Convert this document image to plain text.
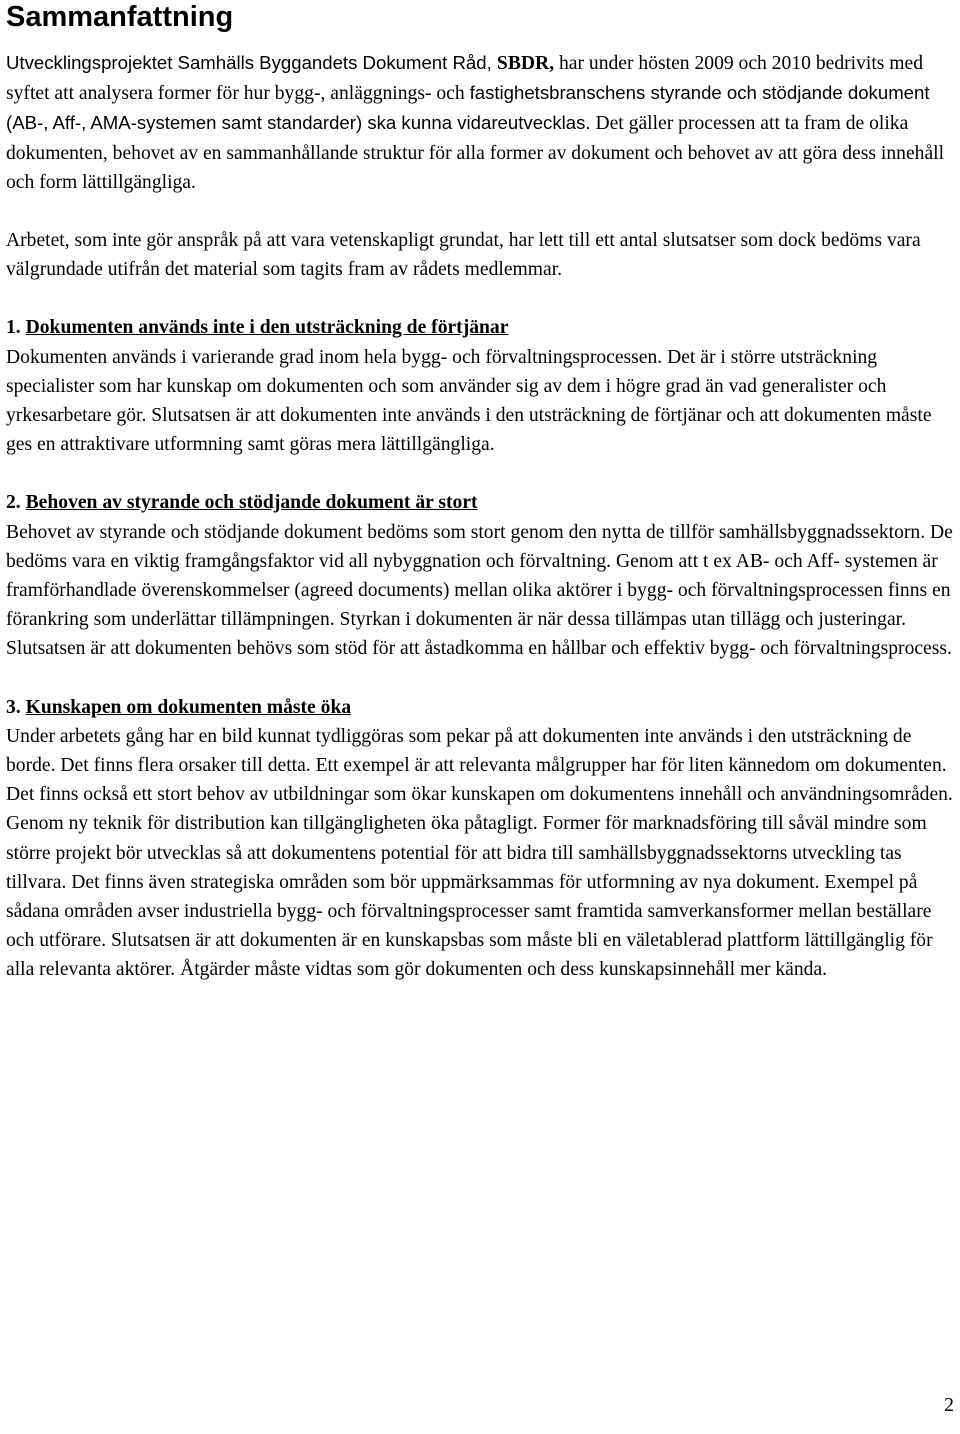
Sammanfattning

Utvecklingsprojektet Samhälls Byggandets Dokument Råd, SBDR, har under hösten 2009 och 2010 bedrivits med syftet att analysera former för hur bygg-, anläggnings- och fastighetsbranschens styrande och stödjande dokument (AB-, Aff-, AMA-systemen samt standarder) ska kunna vidareutvecklas. Det gäller processen att ta fram de olika dokumenten, behovet av en sammanhållande struktur för alla former av dokument och behovet av att göra dess innehåll och form lättillgängliga.

Arbetet, som inte gör anspråk på att vara vetenskapligt grundat, har lett till ett antal slutsatser som dock bedöms vara välgrundade utifrån det material som tagits fram av rådets medlemmar.

1. Dokumenten används inte i den utsträckning de förtjänar

Dokumenten används i varierande grad inom hela bygg- och förvaltningsprocessen. Det är i större utsträckning specialister som har kunskap om dokumenten och som använder sig av dem i högre grad än vad generalister och yrkesarbetare gör. Slutsatsen är att dokumenten inte används i den utsträckning de förtjänar och att dokumenten måste ges en attraktivare utformning samt göras mera lättillgängliga.

2. Behoven av styrande och stödjande dokument är stort

Behovet av styrande och stödjande dokument bedöms som stort genom den nytta de tillför samhällsbyggnadssektorn. De bedöms vara en viktig framgångsfaktor vid all nybyggnation och förvaltning. Genom att t ex AB- och Aff- systemen är framförhandlade överenskommelser (agreed documents) mellan olika aktörer i bygg- och förvaltningsprocessen finns en förankring som underlättar tillämpningen. Styrkan i dokumenten är när dessa tillämpas utan tillägg och justeringar. Slutsatsen är att dokumenten behövs som stöd för att åstadkomma en hållbar och effektiv bygg- och förvaltningsprocess.

3. Kunskapen om dokumenten måste öka

Under arbetets gång har en bild kunnat tydliggöras som pekar på att dokumenten inte används i den utsträckning de borde. Det finns flera orsaker till detta. Ett exempel är att relevanta målgrupper har för liten kännedom om dokumenten. Det finns också ett stort behov av utbildningar som ökar kunskapen om dokumentens innehåll och användningsområden. Genom ny teknik för distribution kan tillgängligheten öka påtagligt. Former för marknadsföring till såväl mindre som större projekt bör utvecklas så att dokumentens potential för att bidra till samhällsbyggnadssektorns utveckling tas tillvara. Det finns även strategiska områden som bör uppmärksammas för utformning av nya dokument. Exempel på sådana områden avser industriella bygg- och förvaltningsprocesser samt framtida samverkansformer mellan beställare och utförare. Slutsatsen är att dokumenten är en kunskapsbas som måste bli en väletablerad plattform lättillgänglig för alla relevanta aktörer. Åtgärder måste vidtas som gör dokumenten och dess kunskapsinnehåll mer kända.

2
